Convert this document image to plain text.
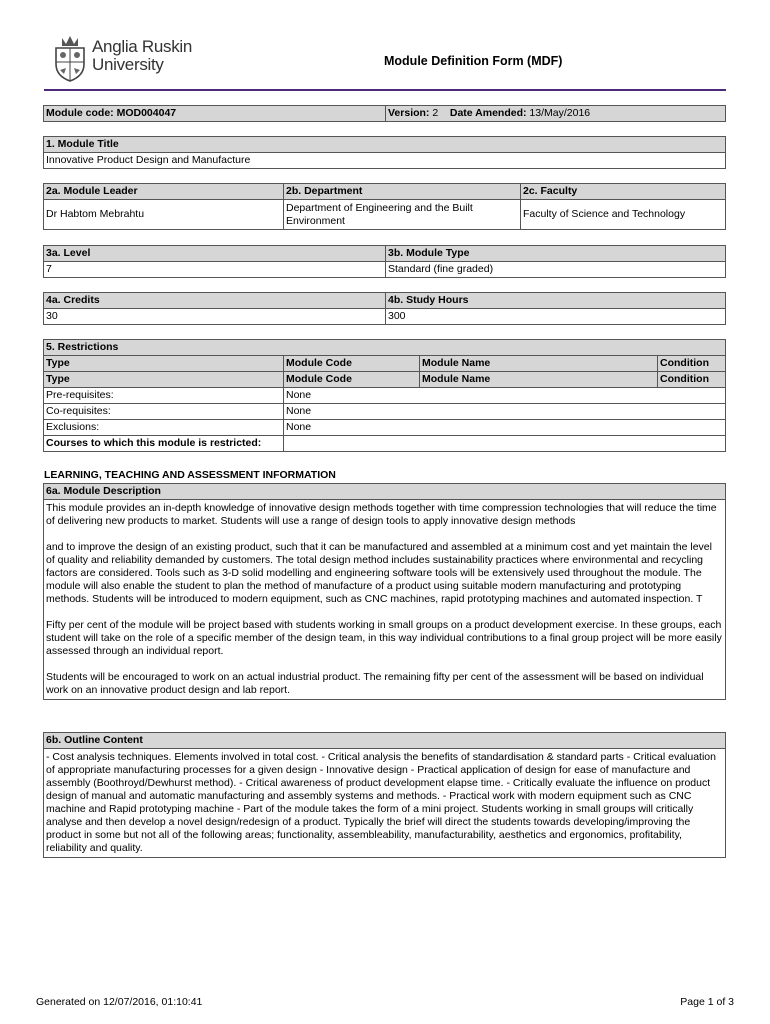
Anglia Ruskin
University	Module Definition Form (MDF)
Module code: MOD004047	Version: 2 Date Amended: 13/May/2016
1. Module Title
Innovative Product Design and Manufacture
2a. Module Leader	2b. Department	2c. Faculty
Dr Habtom Mebrahtu	Department of Engineering and the Built Environment	Faculty of Science and Technology
3a. Level	3b. Module Type
7	Standard (fine graded)
4a. Credits	4b. Study Hours
30	300
5. Restrictions			
Type	Module Code	Module Name	Condition
Type	Module Code	Module Name	Condition
Pre-requisites:	None		
Co-requisites:	None		
Exclusions:	None		
Courses to which this module is restricted:			
LEARNING, TEACHING AND ASSESSMENT INFORMATION
6a. Module Description

This module provides an in-depth knowledge of innovative design methods together with time compression technologies that will reduce the time of delivering new products to market. Students will use a range of design tools to apply innovative design methods
and to improve the design of an existing product, such that it can be manufactured and assembled at a minimum cost and yet maintain the level of quality and reliability demanded by customers. The total design method includes sustainability practices where environmental and recycling factors are considered. Tools such as 3-D solid modelling and engineering software tools will be extensively used throughout the module. The module will also enable the student to plan the method of manufacture of a product using suitable modern manufacturing and prototyping methods. Students will be introduced to modern equipment, such as CNC machines, rapid prototyping machines and automated inspection. T
Fifty per cent of the module will be project based with students working in small groups on a product development exercise. In these groups, each student will take on the role of a specific member of the design team, in this way individual contributions to a final group project will be more easily assessed through an individual report.
Students will be encouraged to work on an actual industrial product. The remaining fifty per cent of the assessment will be based on individual work on an innovative product design and lab report.
6b. Outline Content
- Cost analysis techniques. Elements involved in total cost. - Critical analysis the benefits of standardisation & standard parts - Critical evaluation of appropriate manufacturing processes for a given design - Innovative design - Practical application of design for ease of manufacture and assembly (Boothroyd/Dewhurst method). - Critical awareness of product development elapse time. - Critically evaluate the influence on product design of manual and automatic manufacturing and assembly systems and methods. - Practical work with modern equipment such as CNC machine and Rapid prototyping machine - Part of the module takes the form of a mini project. Students working in small groups will critically analyse and then develop a novel design/redesign of a product. Typically the brief will direct the students towards developing/improving the product in some but not all of the following areas; functionality, assembleability, manufacturability, aesthetics and ergonomics, profitability, reliability and quality.
Generated on 12/07/2016, 01:10:41	Page 1 of 3
